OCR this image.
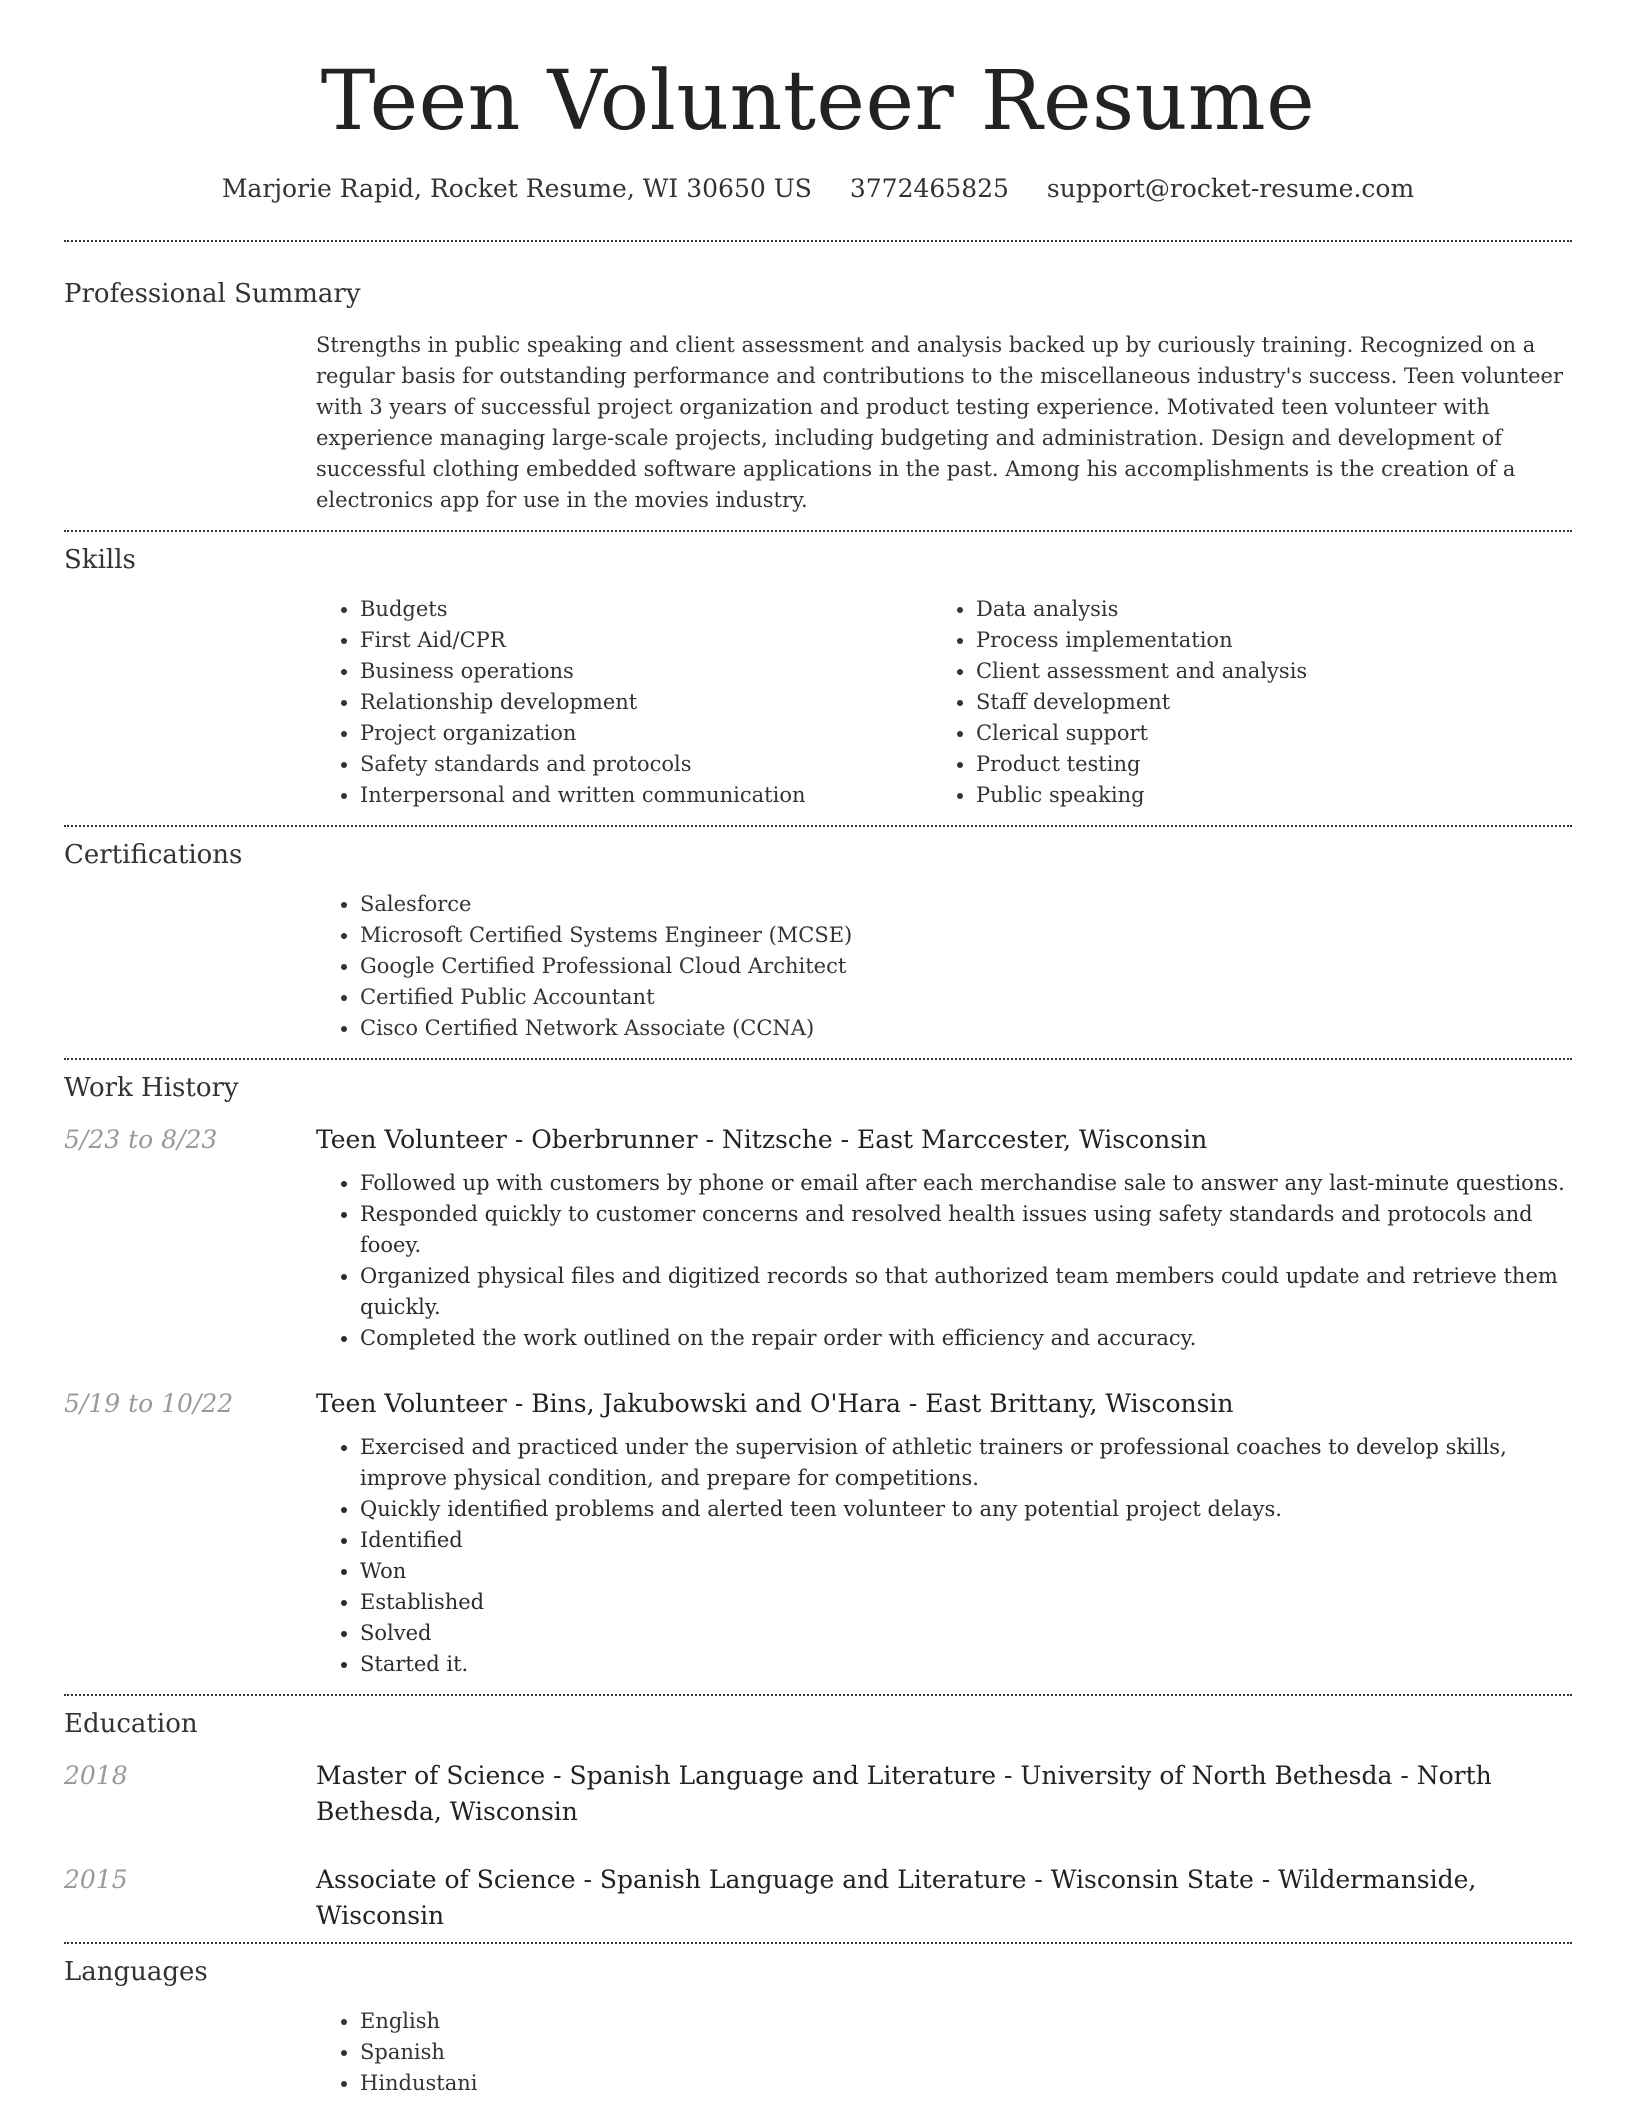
Teen Volunteer Resume
Marjorie Rapid, Rocket Resume, WI 30650 US 3772465825 support@rocket-resume.com
Professional Summary
Strengths in public speaking and client assessment and analysis backed up by curiously training. Recognized on a regular basis for outstanding performance and contributions to the miscellaneous industry's success. Teen volunteer with 3 years of successful project organization and product testing experience. Motivated teen volunteer with experience managing large-scale projects, including budgeting and administration. Design and development of successful clothing embedded software applications in the past. Among his accomplishments is the creation of a electronics app for use in the movies industry.
Skills
• Budgets
• First Aid/CPR
• Business operations
• Relationship development
• Project organization
• Safety standards and protocols
• Interpersonal and written communication
• Data analysis
• Process implementation
• Client assessment and analysis
• Staff development
• Clerical support
• Product testing
• Public speaking
Certifications
• Salesforce
• Microsoft Certified Systems Engineer (MCSE)
• Google Certified Professional Cloud Architect
• Certified Public Accountant
• Cisco Certified Network Associate (CCNA)
Work History
5/23 to 8/23	Teen Volunteer - Oberbrunner - Nitzsche - East Marccester, Wisconsin
• Followed up with customers by phone or email after each merchandise sale to answer any last-minute questions.
• Responded quickly to customer concerns and resolved health issues using safety standards and protocols and fooey.
• Organized physical files and digitized records so that authorized team members could update and retrieve them quickly.
• Completed the work outlined on the repair order with efficiency and accuracy.
5/19 to 10/22	Teen Volunteer - Bins, Jakubowski and O'Hara - East Brittany, Wisconsin
• Exercised and practiced under the supervision of athletic trainers or professional coaches to develop skills, improve physical condition, and prepare for competitions.
• Quickly identified problems and alerted teen volunteer to any potential project delays.
• Identified
• Won
• Established
• Solved
• Started it.
Education
2018	Master of Science - Spanish Language and Literature - University of North Bethesda - North Bethesda, Wisconsin
2015	Associate of Science - Spanish Language and Literature - Wisconsin State - Wildermanside, Wisconsin
Languages
• English
• Spanish
• Hindustani
